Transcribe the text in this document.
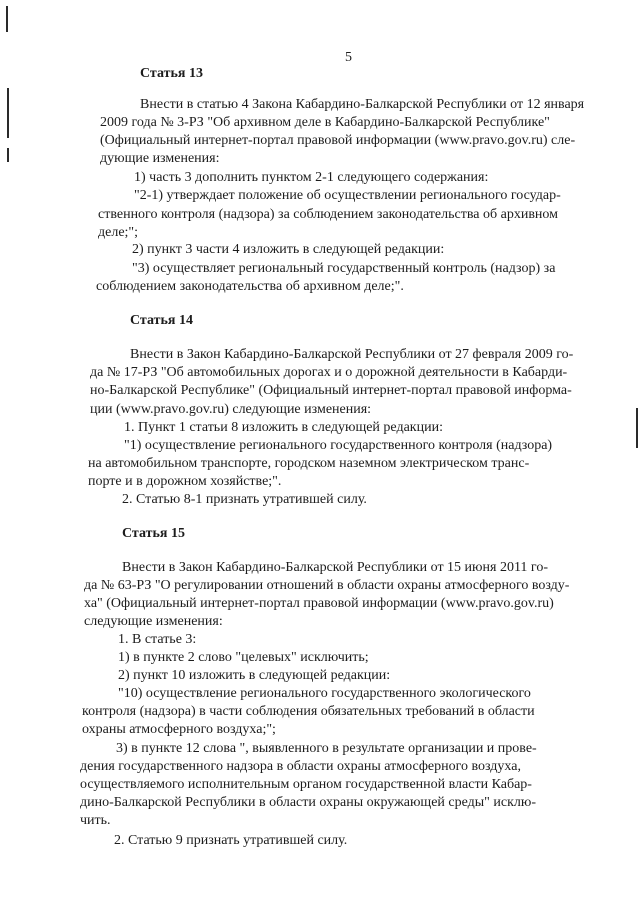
5
Статья 13
Внести в статью 4 Закона Кабардино-Балкарской Республики от 12 января
2009 года № 3-РЗ "Об архивном деле в Кабардино-Балкарской Республике"
(Официальный интернет-портал правовой информации (www.pravo.gov.ru) сле-
дующие изменения:
1) часть 3 дополнить пунктом 2-1 следующего содержания:
"2-1) утверждает положение об осуществлении регионального государ-
ственного контроля (надзора) за соблюдением законодательства об архивном
деле;";
2) пункт 3 части 4 изложить в следующей редакции:
"3) осуществляет региональный государственный контроль (надзор) за
соблюдением законодательства об архивном деле;".
Статья 14
Внести в Закон Кабардино-Балкарской Республики от 27 февраля 2009 го-
да № 17-РЗ "Об автомобильных дорогах и о дорожной деятельности в Кабарди-
но-Балкарской Республике" (Официальный интернет-портал правовой информа-
ции (www.pravo.gov.ru) следующие изменения:
1. Пункт 1 статьи 8 изложить в следующей редакции:
"1) осуществление регионального государственного контроля (надзора)
на автомобильном транспорте, городском наземном электрическом транс-
порте и в дорожном хозяйстве;".
2. Статью 8-1 признать утратившей силу.
Статья 15
Внести в Закон Кабардино-Балкарской Республики от 15 июня 2011 го-
да № 63-РЗ "О регулировании отношений в области охраны атмосферного возду-
ха" (Официальный интернет-портал правовой информации (www.pravo.gov.ru)
следующие изменения:
1. В статье 3:
1) в пункте 2 слово "целевых" исключить;
2) пункт 10 изложить в следующей редакции:
"10) осуществление регионального государственного экологического
контроля (надзора) в части соблюдения обязательных требований в области
охраны атмосферного воздуха;";
3) в пункте 12 слова ", выявленного в результате организации и прове-
дения государственного надзора в области охраны атмосферного воздуха,
осуществляемого исполнительным органом государственной власти Кабар-
дино-Балкарской Республики в области охраны окружающей среды" исклю-
чить.
2. Статью 9 признать утратившей силу.
